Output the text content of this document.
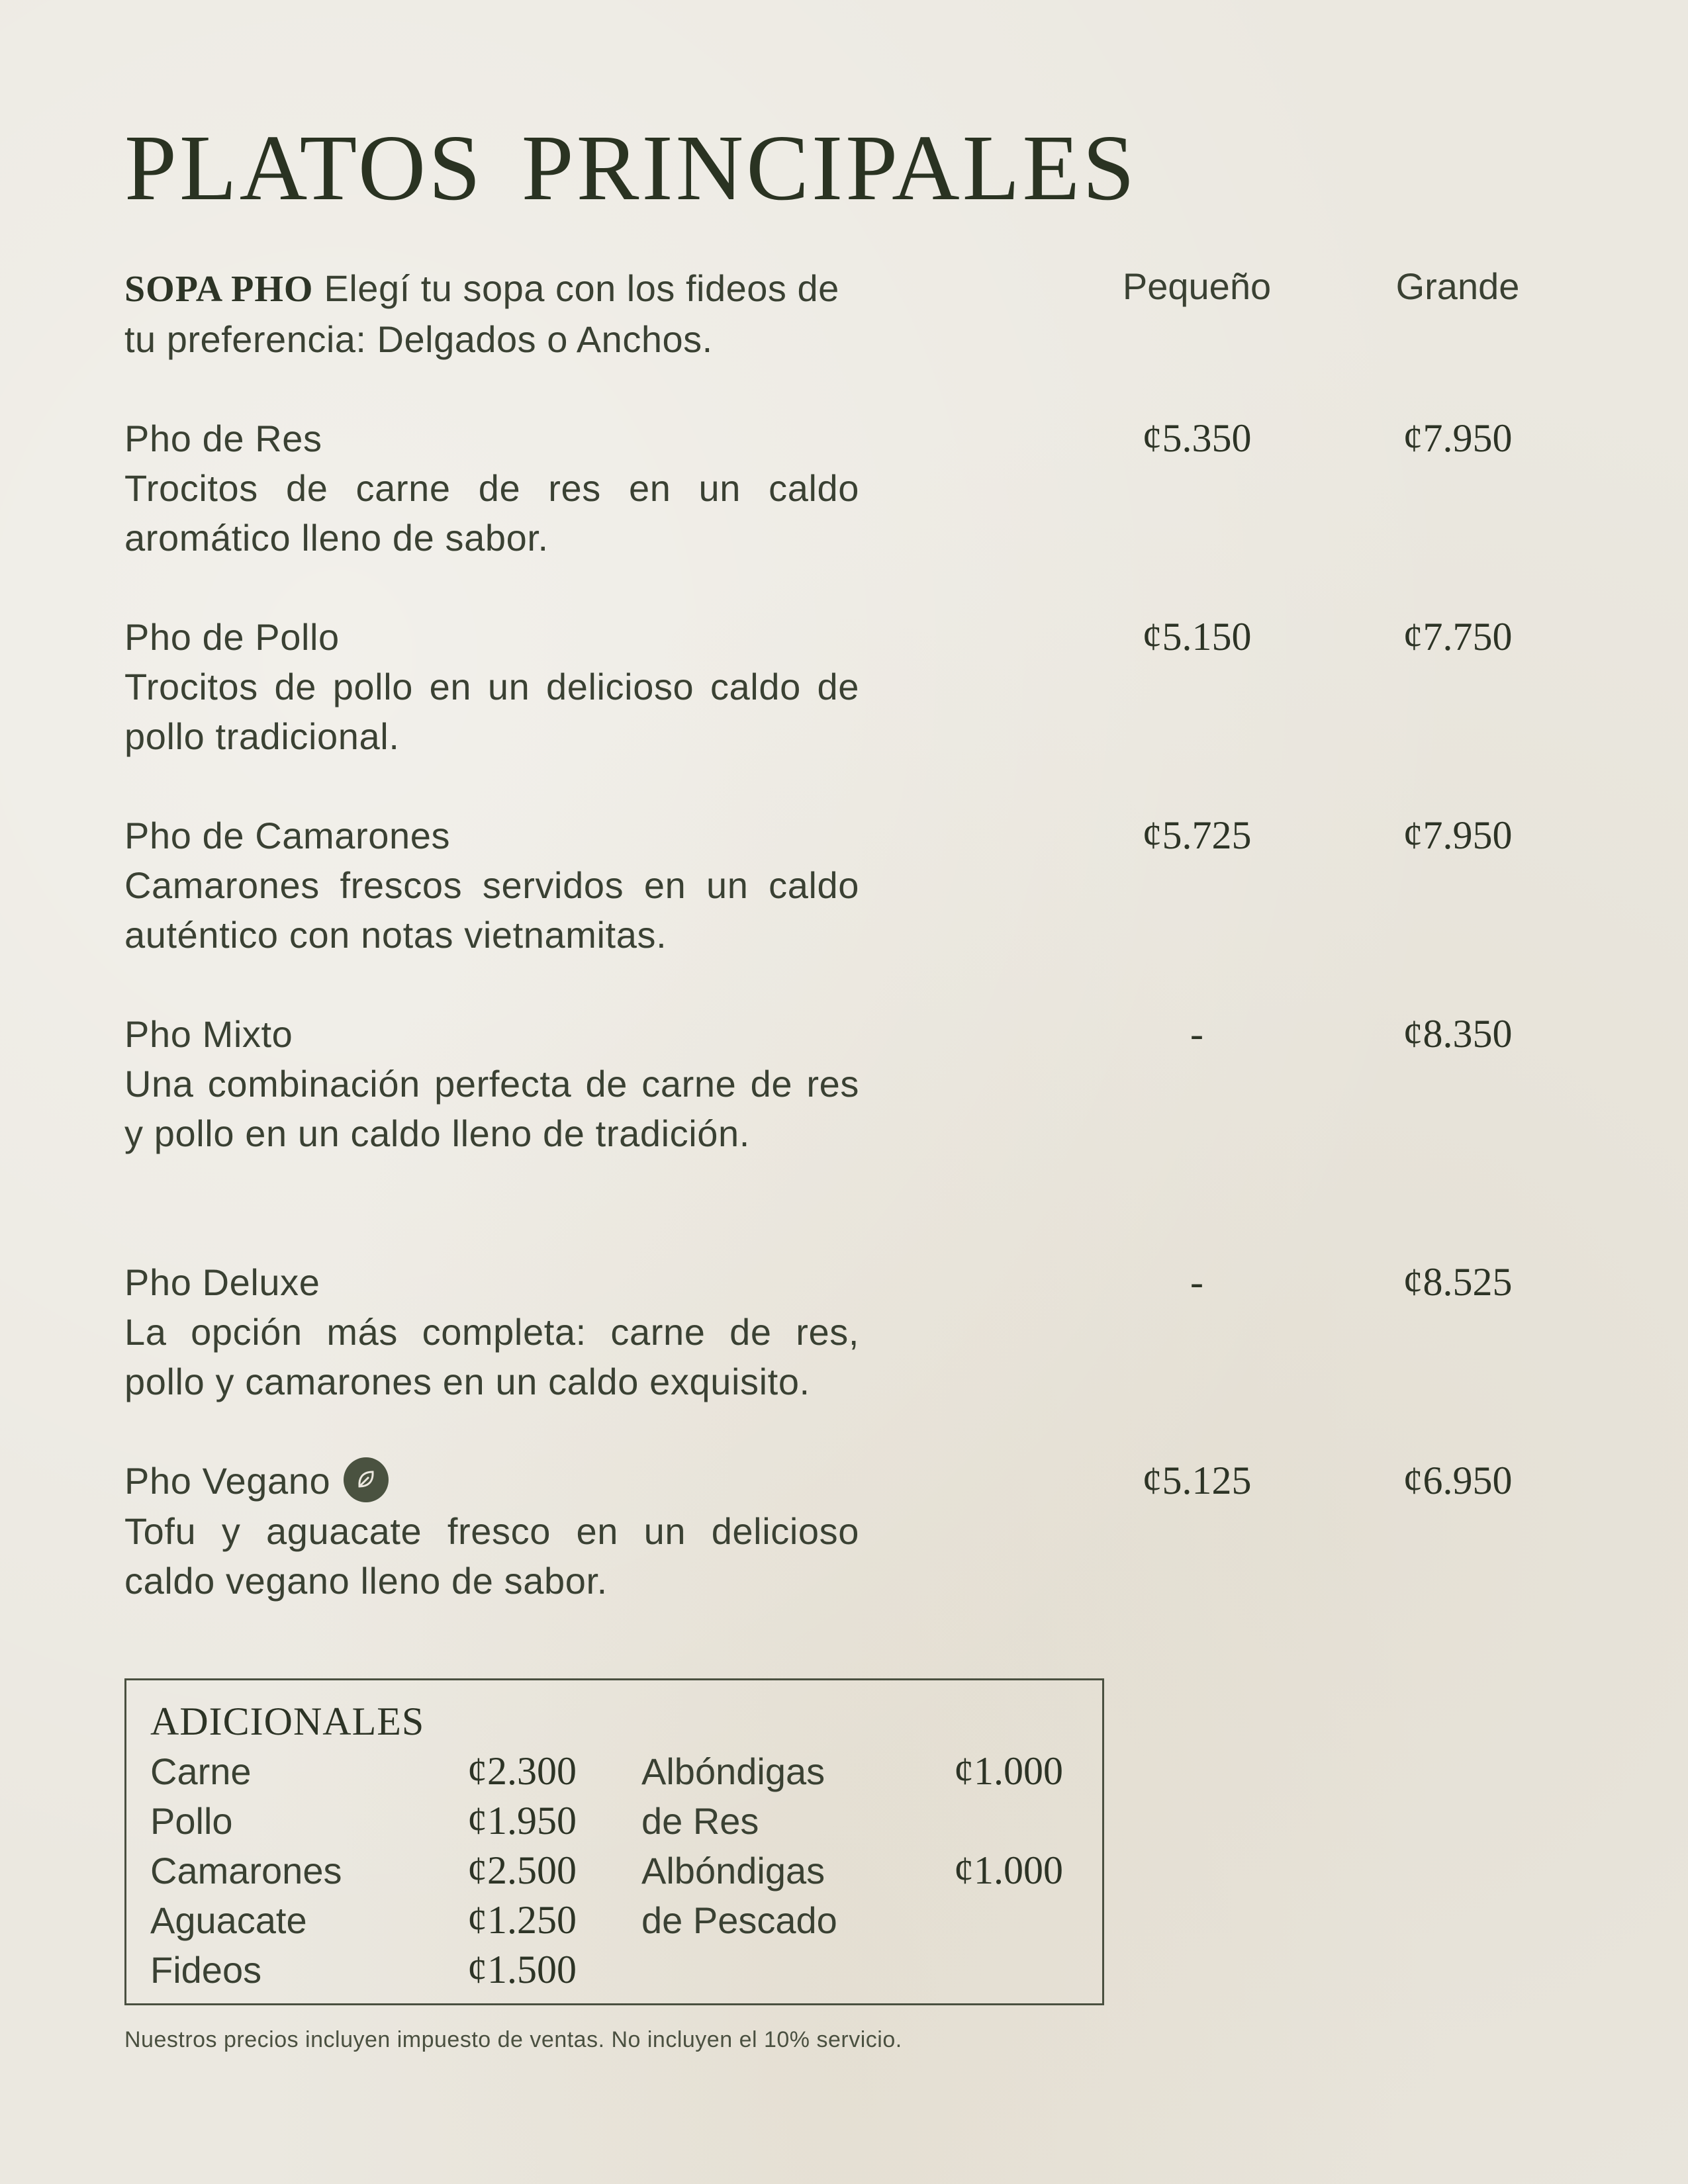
PLATOS PRINCIPALES
Pequeño	Grande
SOPA PHO Elegí tu sopa con los fideos de tu preferencia: Delgados o Anchos.
Pho de Res
Trocitos de carne de res en un caldo aromático lleno de sabor.
¢5.350	¢7.950
Pho de Pollo
Trocitos de pollo en un delicioso caldo de pollo tradicional.
¢5.150	¢7.750
Pho de Camarones
Camarones frescos servidos en un caldo auténtico con notas vietnamitas.
¢5.725	¢7.950
Pho Mixto
Una combinación perfecta de carne de res y pollo en un caldo lleno de tradición.
-	¢8.350
Pho Deluxe
La opción más completa: carne de res, pollo y camarones en un caldo exquisito.
-	¢8.525
Pho Vegano
Tofu y aguacate fresco en un delicioso caldo vegano lleno de sabor.
¢5.125	¢6.950
ADICIONALES
Carne	¢2.300
Pollo	¢1.950
Camarones	¢2.500
Aguacate	¢1.250
Fideos	¢1.500
Albóndigas
de Res
¢1.000
Albóndigas
de Pescado
¢1.000
Nuestros precios incluyen impuesto de ventas. No incluyen el 10% servicio.
